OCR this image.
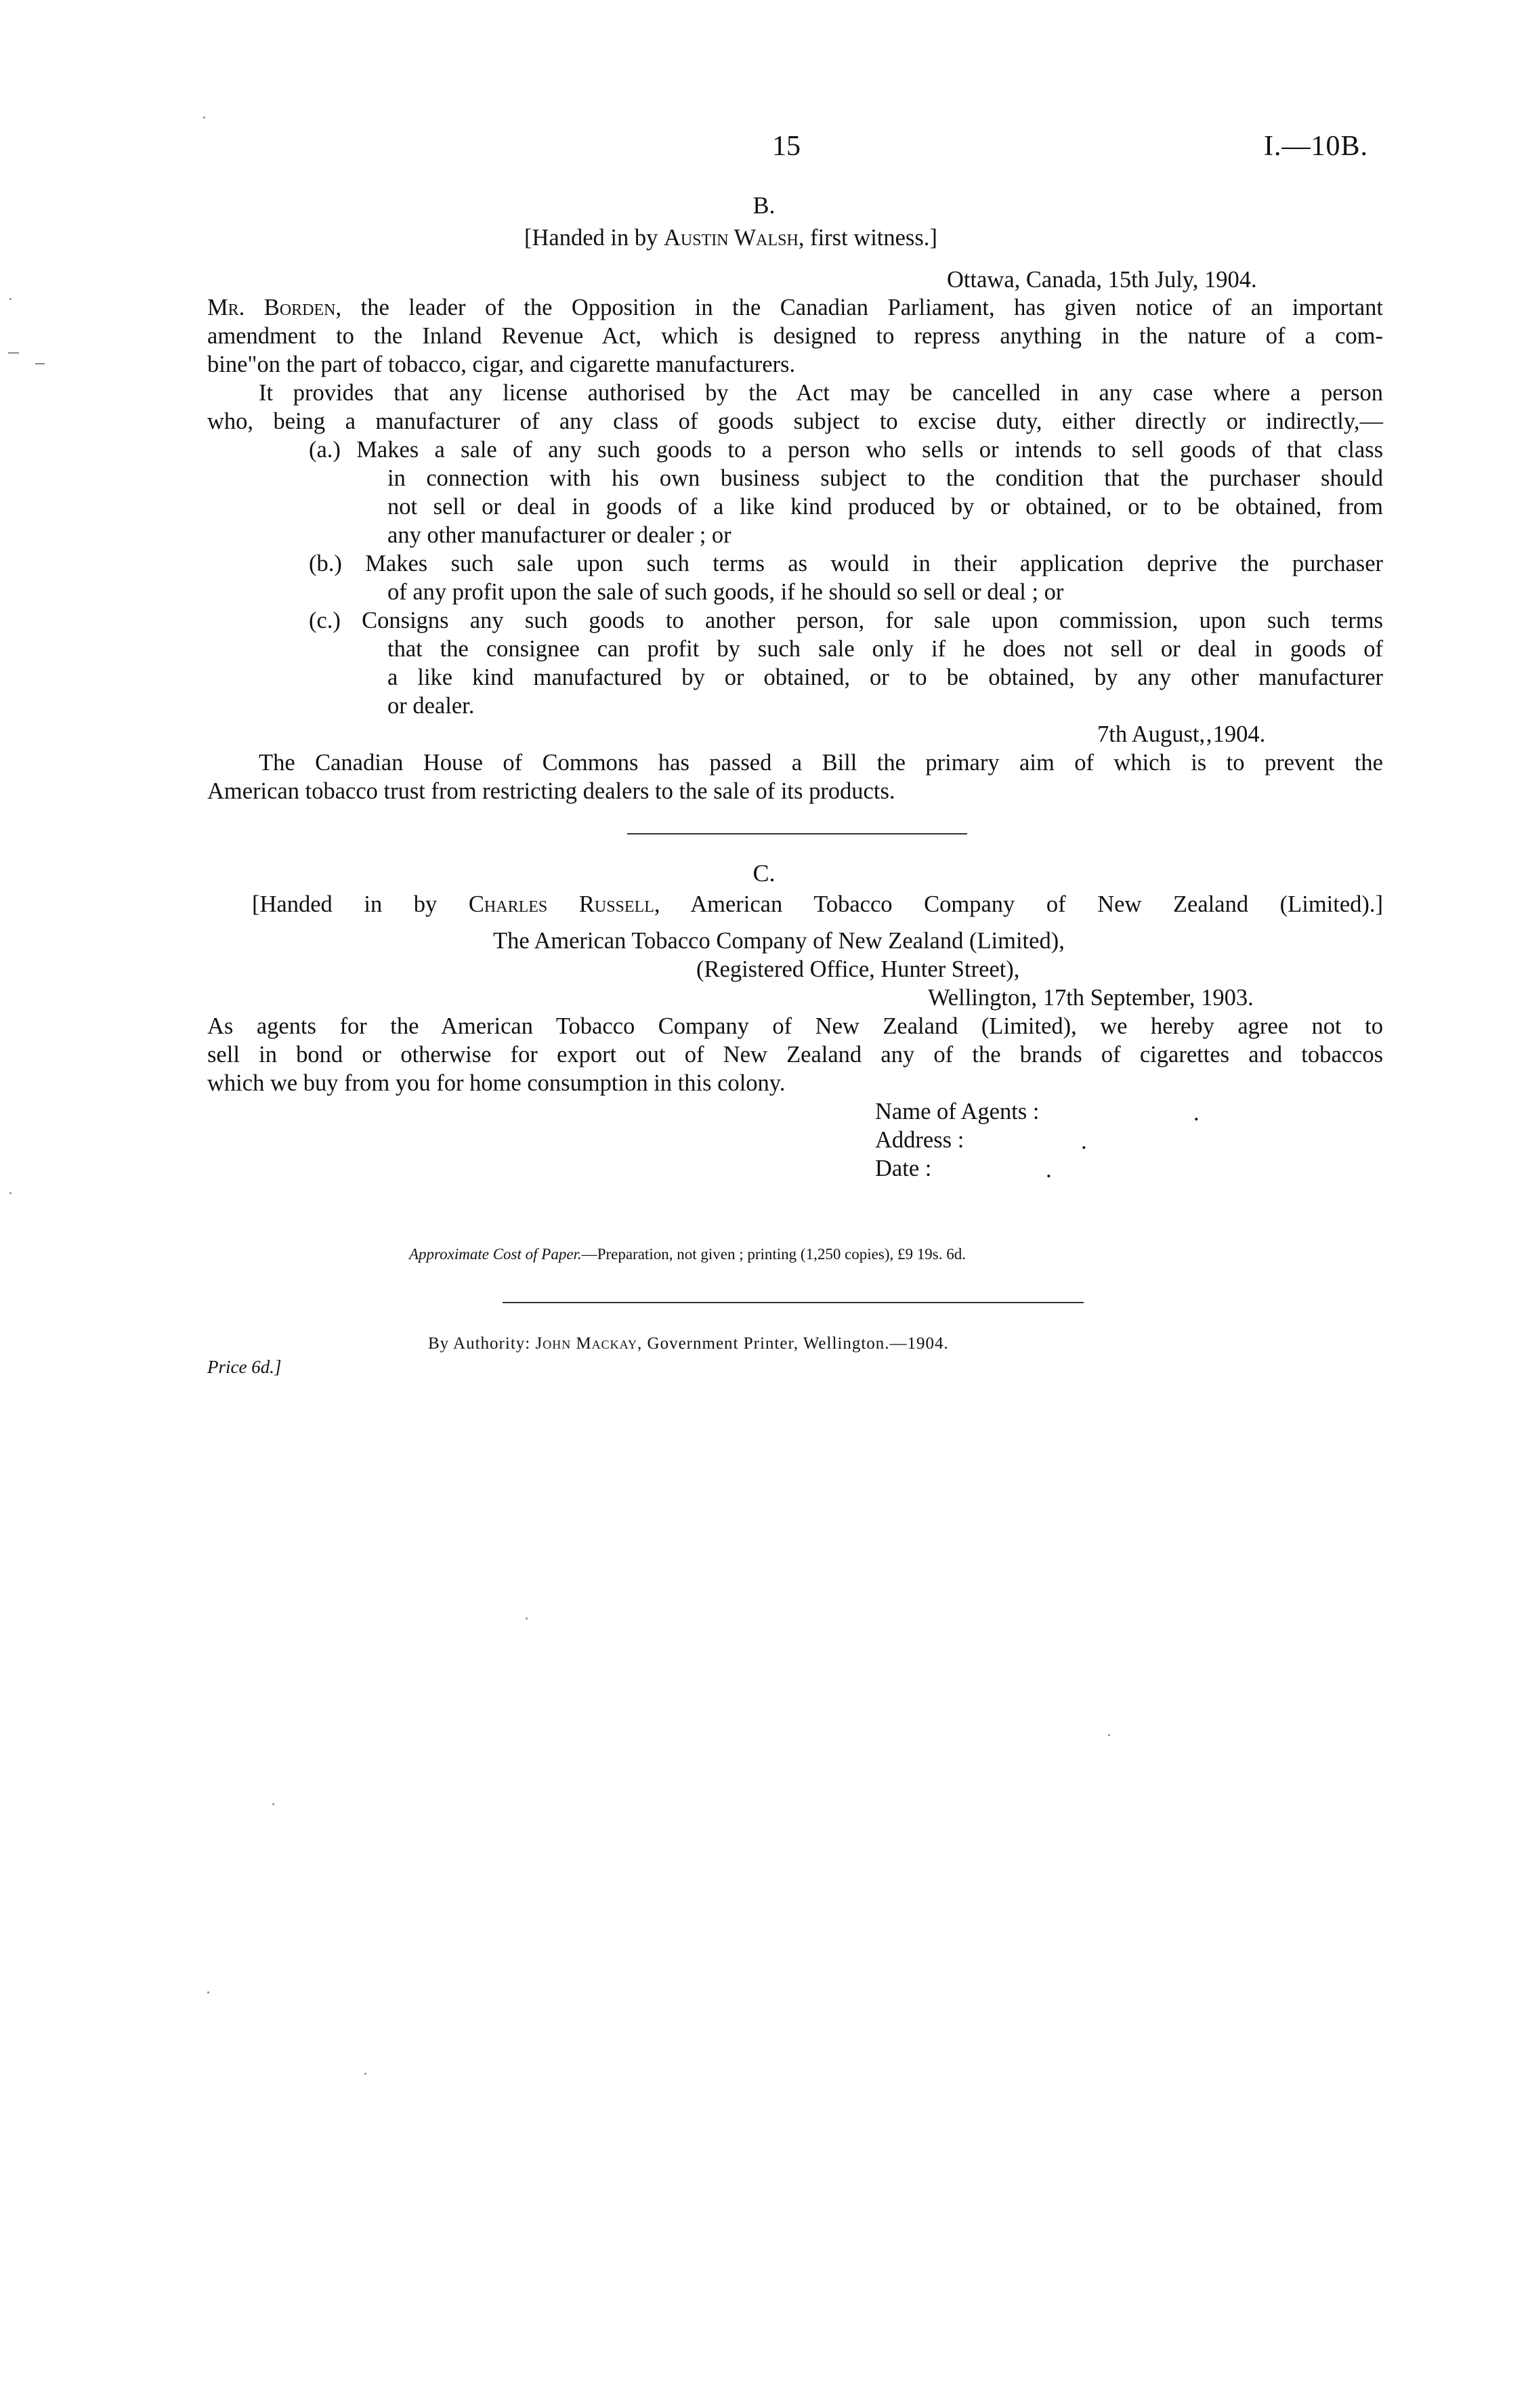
15	I.—10B.
B.
[Handed in by Austin Walsh, first witness.]
Ottawa, Canada, 15th July, 1904.
Mr. Borden, the leader of the Opposition in the Canadian Parliament, has given notice of an important
amendment to the Inland Revenue Act, which is designed to repress anything in the nature of a com-
bine"on the part of tobacco, cigar, and cigarette manufacturers.
It provides that any license authorised by the Act may be cancelled in any case where a person
who, being a manufacturer of any class of goods subject to excise duty, either directly or indirectly,—
(a.) Makes a sale of any such goods to a person who sells or intends to sell goods of that class
in connection with his own business subject to the condition that the purchaser should
not sell or deal in goods of a like kind produced by or obtained, or to be obtained, from
any other manufacturer or dealer ; or
(b.) Makes such sale upon such terms as would in their application deprive the purchaser
of any profit upon the sale of such goods, if he should so sell or deal ; or
(c.) Consigns any such goods to another person, for sale upon commission, upon such terms
that the consignee can profit by such sale only if he does not sell or deal in goods of
a like kind manufactured by or obtained, or to be obtained, by any other manufacturer
or dealer.
7th August,‚1904.
The Canadian House of Commons has passed a Bill the primary aim of which is to prevent the
American tobacco trust from restricting dealers to the sale of its products.
C.
[Handed in by Charles Russell, American Tobacco Company of New Zealand (Limited).]
The American Tobacco Company of New Zealand (Limited),
(Registered Office, Hunter Street),
Wellington, 17th September, 1903.
As agents for the American Tobacco Company of New Zealand (Limited), we hereby agree not to
sell in bond or otherwise for export out of New Zealand any of the brands of cigarettes and tobaccos
which we buy from you for home consumption in this colony.
Name of Agents :	.
Address :	.
Date :	.
Approximate Cost of Paper.—Preparation, not given ; printing (1,250 copies), £9 19s. 6d.
By Authority: John Mackay, Government Printer, Wellington.—1904.
Price 6d.]
